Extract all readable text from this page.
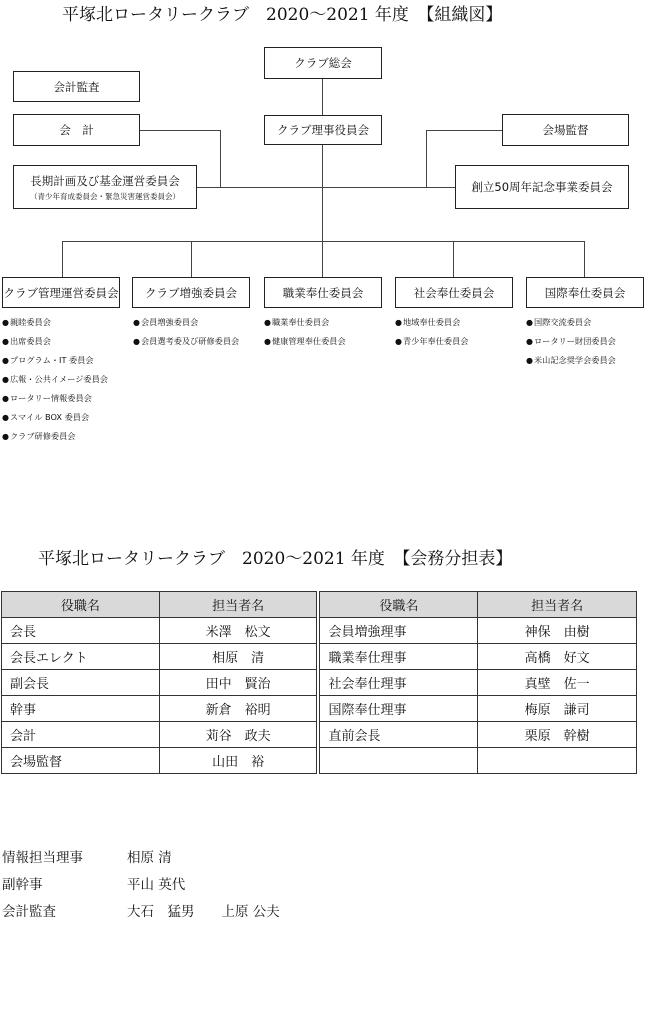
平塚北ロータリークラブ　2020～2021 年度　【組織図】
クラブ総会
クラブ理事役員会
会計監査
会　計	会場監督
長期計画及び基金運営委員会
（青少年育成委員会・緊急災害運営委員会）
創立50周年記念事業委員会
クラブ管理運営委員会 クラブ増強委員会	職業奉仕委員会	社会奉仕委員会	国際奉仕委員会
● 親睦委員会
● 出席委員会
● プログラム・IT 委員会
● 広報・公共イメージ委員会
● ロータリー情報委員会
● スマイル BOX 委員会
● クラブ研修委員会
● 会員増強委員会
● 会員選考委及び研修委員会
● 職業奉仕委員会
● 健康管理奉仕委員会
● 地域奉仕委員会
● 青少年奉仕委員会
● 国際交流委員会
● ロータリー財団委員会
● 米山記念奨学会委員会
平塚北ロータリークラブ　2020～2021 年度　【会務分担表】
役職名	担当者名		役職名	担当者名
会長	米澤　松文		会員増強理事	神保　由樹
会長エレクト	相原　清		職業奉仕理事	高橋　好文
副会長	田中　賢治		社会奉仕理事	真壁　佐一
幹事	新倉　裕明		国際奉仕理事	梅原　謙司
会計	苅谷　政夫		直前会長	栗原　幹樹
会場監督	山田　裕			
情報担当理事	相原 清
副幹事	平山 英代
会計監査	大石　猛男　　上原 公夫
